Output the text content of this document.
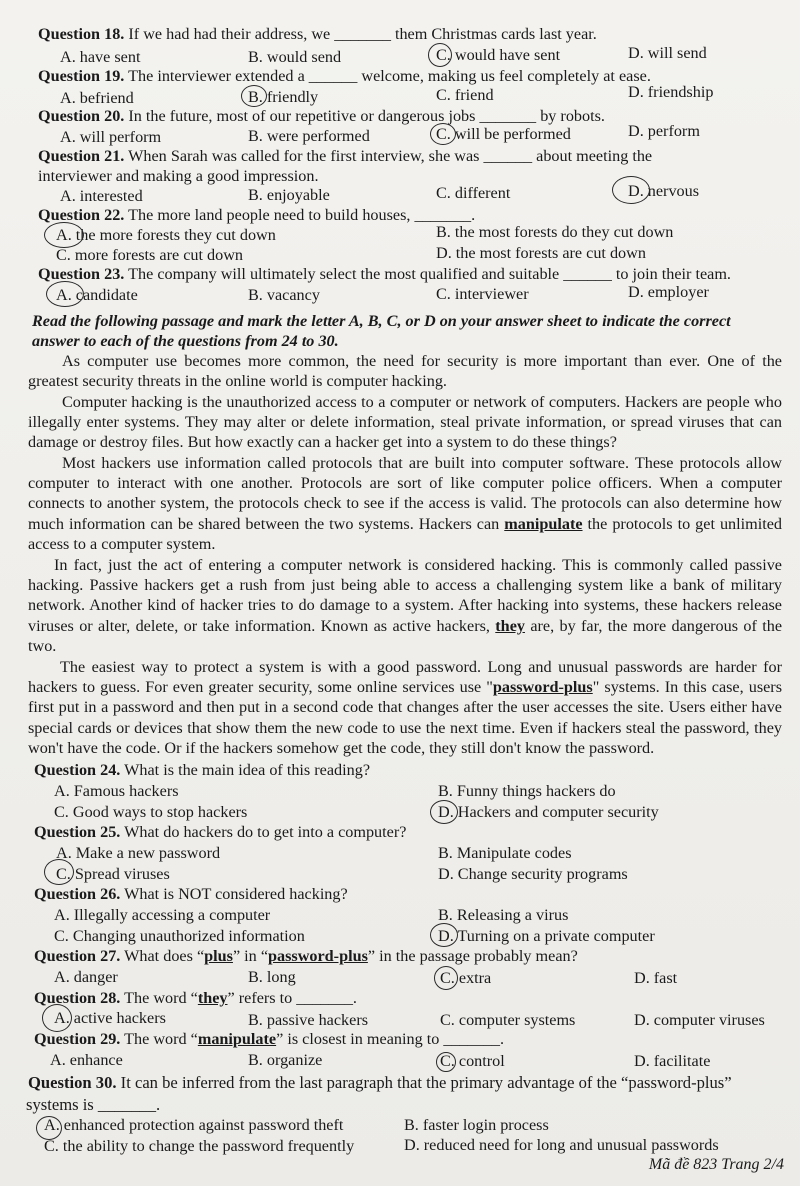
Question 18. If we had had their address, we _______ them Christmas cards last year.
A. have sent	B. would send	C. would have sent	D. will send
Question 19. The interviewer extended a ______ welcome, making us feel completely at ease.
A. befriend	B. friendly	C. friend	D. friendship
Question 20. In the future, most of our repetitive or dangerous jobs _______ by robots.
A. will perform	B. were performed	C. will be performed	D. perform
Question 21. When Sarah was called for the first interview, she was ______ about meeting the
interviewer and making a good impression.
A. interested	B. enjoyable	C. different	D. nervous
Question 22. The more land people need to build houses, _______.
A. the more forests they cut down	B. the most forests do they cut down
C. more forests are cut down	D. the most forests are cut down
Question 23. The company will ultimately select the most qualified and suitable ______ to join their team.
A. candidate	B. vacancy	C. interviewer	D. employer
Read the following passage and mark the letter A, B, C, or D on your answer sheet to indicate the correct answer to each of the questions from 24 to 30.
As computer use becomes more common, the need for security is more important than ever. One of the greatest security threats in the online world is computer hacking.
Computer hacking is the unauthorized access to a computer or network of computers. Hackers are people who illegally enter systems. They may alter or delete information, steal private information, or spread viruses that can damage or destroy files. But how exactly can a hacker get into a system to do these things?
Most hackers use information called protocols that are built into computer software. These protocols allow computer to interact with one another. Protocols are sort of like computer police officers. When a computer connects to another system, the protocols check to see if the access is valid. The protocols can also determine how much information can be shared between the two systems. Hackers can manipulate the protocols to get unlimited access to a computer system.
In fact, just the act of entering a computer network is considered hacking. This is commonly called passive hacking. Passive hackers get a rush from just being able to access a challenging system like a bank of military network. Another kind of hacker tries to do damage to a system. After hacking into systems, these hackers release viruses or alter, delete, or take information. Known as active hackers, they are, by far, the more dangerous of the two.
The easiest way to protect a system is with a good password. Long and unusual passwords are harder for hackers to guess. For even greater security, some online services use "password-plus" systems. In this case, users first put in a password and then put in a second code that changes after the user accesses the site. Users either have special cards or devices that show them the new code to use the next time. Even if hackers steal the password, they won't have the code. Or if the hackers somehow get the code, they still don't know the password.
Question 24. What is the main idea of this reading?
A. Famous hackers	B. Funny things hackers do
C. Good ways to stop hackers	D. Hackers and computer security
Question 25. What do hackers do to get into a computer?
A. Make a new password	B. Manipulate codes
C. Spread viruses	D. Change security programs
Question 26. What is NOT considered hacking?
A. Illegally accessing a computer	B. Releasing a virus
C. Changing unauthorized information	D. Turning on a private computer
Question 27. What does “plus” in “password-plus” in the passage probably mean?
A. danger	B. long	C. extra	D. fast
Question 28. The word “they” refers to _______.
A. active hackers	B. passive hackers	C. computer systems	D. computer viruses
Question 29. The word “manipulate” is closest in meaning to _______.
A. enhance	B. organize	C. control	D. facilitate
Question 30. It can be inferred from the last paragraph that the primary advantage of the “password-plus”
systems is _______.
A. enhanced protection against password theft	B. faster login process
C. the ability to change the password frequently	D. reduced need for long and unusual passwords
Mã đề 823 Trang 2/4
